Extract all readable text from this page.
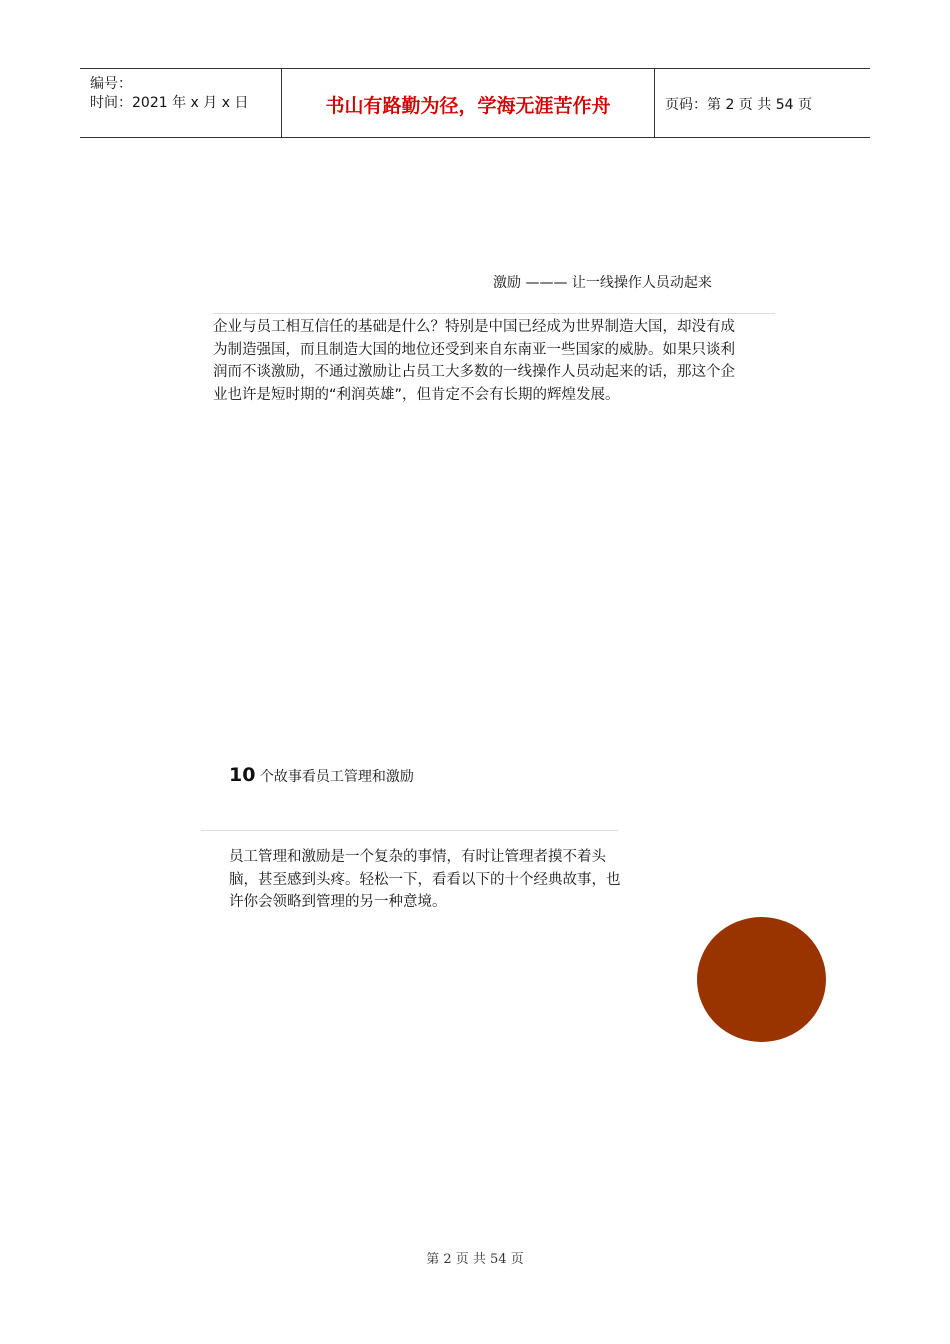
编号：
时间：2021 年 x 月 x 日	书山有路勤为径，学海无涯苦作舟	页码：第 2 页 共 54 页
激励 ——— 让一线操作人员动起来

企业与员工相互信任的基础是什么？特别是中国已经成为世界制造大国，却没有成为制造强国，而且制造大国的地位还受到来自东南亚一些国家的威胁。如果只谈利润而不谈激励，不通过激励让占员工大多数的一线操作人员动起来的话，那这个企业也许是短时期的“利润英雄”，但肯定不会有长期的辉煌发展。

10 个故事看员工管理和激励

员工管理和激励是一个复杂的事情，有时让管理者摸不着头脑，甚至感到头疼。轻松一下，看看以下的十个经典故事，也许你会领略到管理的另一种意境。

第 2 页 共 54 页
